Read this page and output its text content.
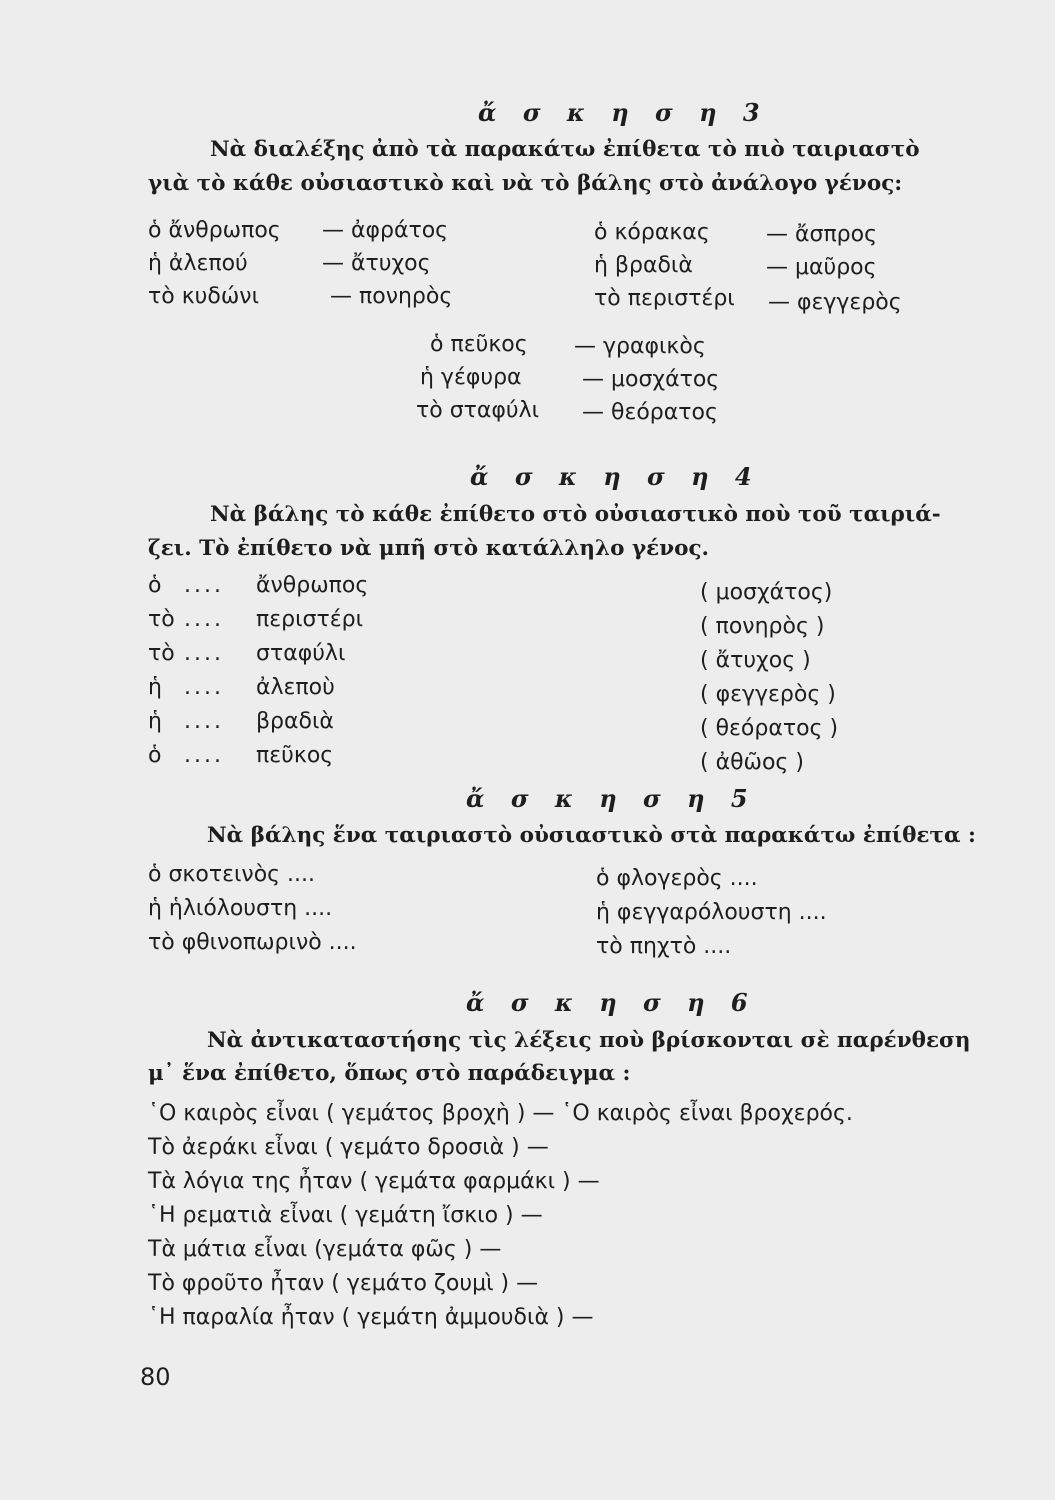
ἄ σ κ η σ η 3
Νὰ διαλέξης ἀπὸ τὰ παρακάτω ἐπίθετα τὸ πιὸ ταιριαστὸ
γιὰ τὸ κάθε οὐσιαστικὸ καὶ νὰ τὸ βάλης στὸ ἀνάλογο γένος:
ὁ ἄνθρωπος — ἀφράτος
ἡ ἀλεπού	— ἄτυχος
τὸ κυδώνι	— πονηρὸς
ὁ κόρακας	— ἄσπρος
ἡ βραδιὰ	— μαῦρος
τὸ περιστέρι — φεγγερὸς
ὁ πεῦκος — γραφικὸς
ἡ γέφυρα	— μοσχάτος
τὸ σταφύλι — θεόρατος
ἄ σ κ η σ η 4
Νὰ βάλης τὸ κάθε ἐπίθετο στὸ οὐσιαστικὸ ποὺ τοῦ ταιριά-
ζει. Τὸ ἐπίθετο νὰ μπῆ στὸ κατάλληλο γένος.
ὁ .... ἄνθρωπος	( μοσχάτος)
τὸ .... περιστέρι	( πονηρὸς )
τὸ .... σταφύλι	( ἄτυχος )
ἡ .... ἀλεποὺ	( φεγγερὸς )
ἡ .... βραδιὰ	( θεόρατος )
ὁ .... πεῦκος	( ἀθῶος )
ἄ σ κ η σ η 5
Νὰ βάλης ἕνα ταιριαστὸ οὐσιαστικὸ στὰ παρακάτω ἐπίθετα :
ὁ σκοτεινὸς ....
ἡ ἡλιόλουστη ....
τὸ φθινοπωρινὸ ....
ὁ φλογερὸς ....
ἡ φεγγαρόλουστη ....
τὸ πηχτὸ ....
ἄ σ κ η σ η 6
Νὰ ἀντικαταστήσης τὶς λέξεις ποὺ βρίσκονται σὲ παρένθεση
μ᾿ ἕνα ἐπίθετο, ὅπως στὸ παράδειγμα :
῾Ο καιρὸς εἶναι ( γεμάτος βροχὴ ) — ῾Ο καιρὸς εἶναι βροχερός.
Τὸ ἀεράκι εἶναι ( γεμάτο δροσιὰ ) —
Τὰ λόγια της ἦταν ( γεμάτα φαρμάκι ) —
῾Η ρεματιὰ εἶναι ( γεμάτη ἴσκιο ) —
Τὰ μάτια εἶναι (γεμάτα φῶς ) —
Τὸ φροῦτο ἦταν ( γεμάτο ζουμὶ ) —
῾Η παραλία ἦταν ( γεμάτη ἀμμουδιὰ ) —
80
